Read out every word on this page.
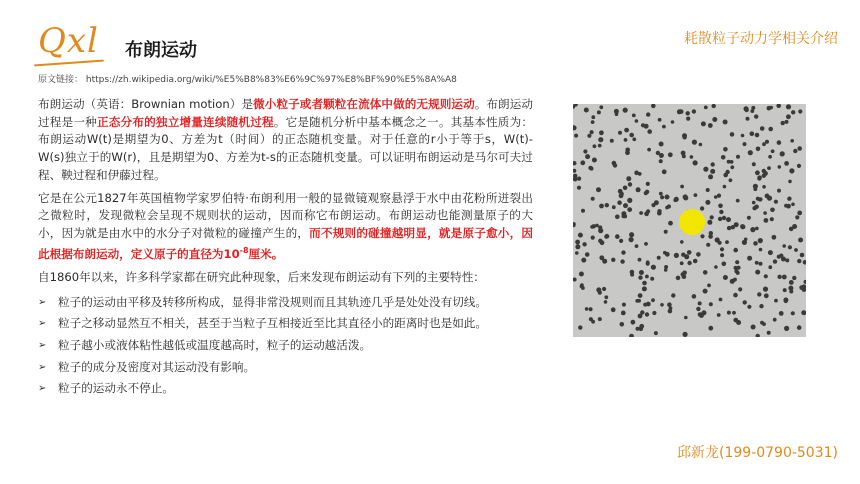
Qxl 布朗运动
耗散粒子动力学相关介绍
原文链接： https://zh.wikipedia.org/wiki/%E5%B8%83%E6%9C%97%E8%BF%90%E5%8A%A8

布朗运动（英语：Brownian motion）是微小粒子或者颗粒在流体中做的无规则运动。布朗运动过程是一种正态分布的独立增量连续随机过程。它是随机分析中基本概念之一。其基本性质为：布朗运动W(t)是期望为0、方差为t（时间）的正态随机变量。对于任意的r小于等于s，W(t)-W(s)独立于的W(r)，且是期望为0、方差为t-s的正态随机变量。可以证明布朗运动是马尔可夫过程、鞅过程和伊藤过程。

它是在公元1827年英国植物学家罗伯特·布朗利用一般的显微镜观察悬浮于水中由花粉所迸裂出之微粒时，发现微粒会呈现不规则状的运动，因而称它布朗运动。布朗运动也能测量原子的大小，因为就是由水中的水分子对微粒的碰撞产生的，而不规则的碰撞越明显，就是原子愈小，因此根据布朗运动，定义原子的直径为$10^{-8}$厘米。

自1860年以来，许多科学家都在研究此种现象，后来发现布朗运动有下列的主要特性：

➢ 粒子的运动由平移及转移所构成，显得非常没规则而且其轨迹几乎是处处没有切线。
➢ 粒子之移动显然互不相关，甚至于当粒子互相接近至比其直径小的距离时也是如此。
➢ 粒子越小或液体粘性越低或温度越高时，粒子的运动越活泼。
➢ 粒子的成分及密度对其运动没有影响。
➢ 粒子的运动永不停止。
邱新龙(199-0790-5031)
